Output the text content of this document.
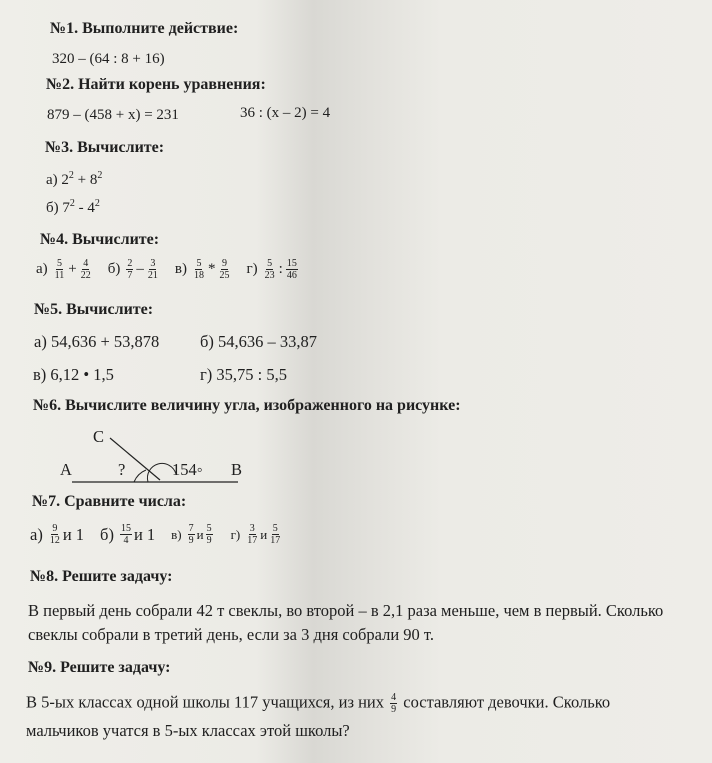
№1. Выполните действие:
320 – (64 : 8 + 16)
№2. Найти корень уравнения:
879 – (458 + x) = 231	36 : (x – 2) = 4
№3. Вычислите:
а) $2^2 + 8^2$
б) $7^2 - 4^2$
№4. Вычислите:
$а) \frac{5}{11} + \frac{4}{22} б) \frac{2}{7} - \frac{3}{21} в) \frac{5}{18} * \frac{9}{25} г) \frac{5}{23}$ : $\frac{15}{46}$
№5. Вычислите:
а) 54,636 + 53,878 б) 54,636 – 33,87
в) 6,12 • 1,5	г) 35,75 : 5,5
№6. Вычислите величину угла, изображенного на рисунке:
C
A	?	154◦ B
№7. Сравните числа:
$а) \frac{9}{12}$ и
1 $б) \frac{15}{4}$ и
1 $в) \frac{7}{9}$ и $\frac{5}{9} г) \frac{3}{17}$ и $\frac{5}{17}$
№8. Решите задачу:
В первый день собрали 42 т свеклы, во второй – в 2,1 раза меньше, чем в первый. Сколько
свеклы собрали в третий день, если за 3 дня собрали 90 т.
№9. Решите задачу:
В 5-ых классах одной школы 117 учащихся, из них $\frac{4}{9}$ составляют девочки. Сколько
мальчиков учатся в 5-ых классах этой школы?
